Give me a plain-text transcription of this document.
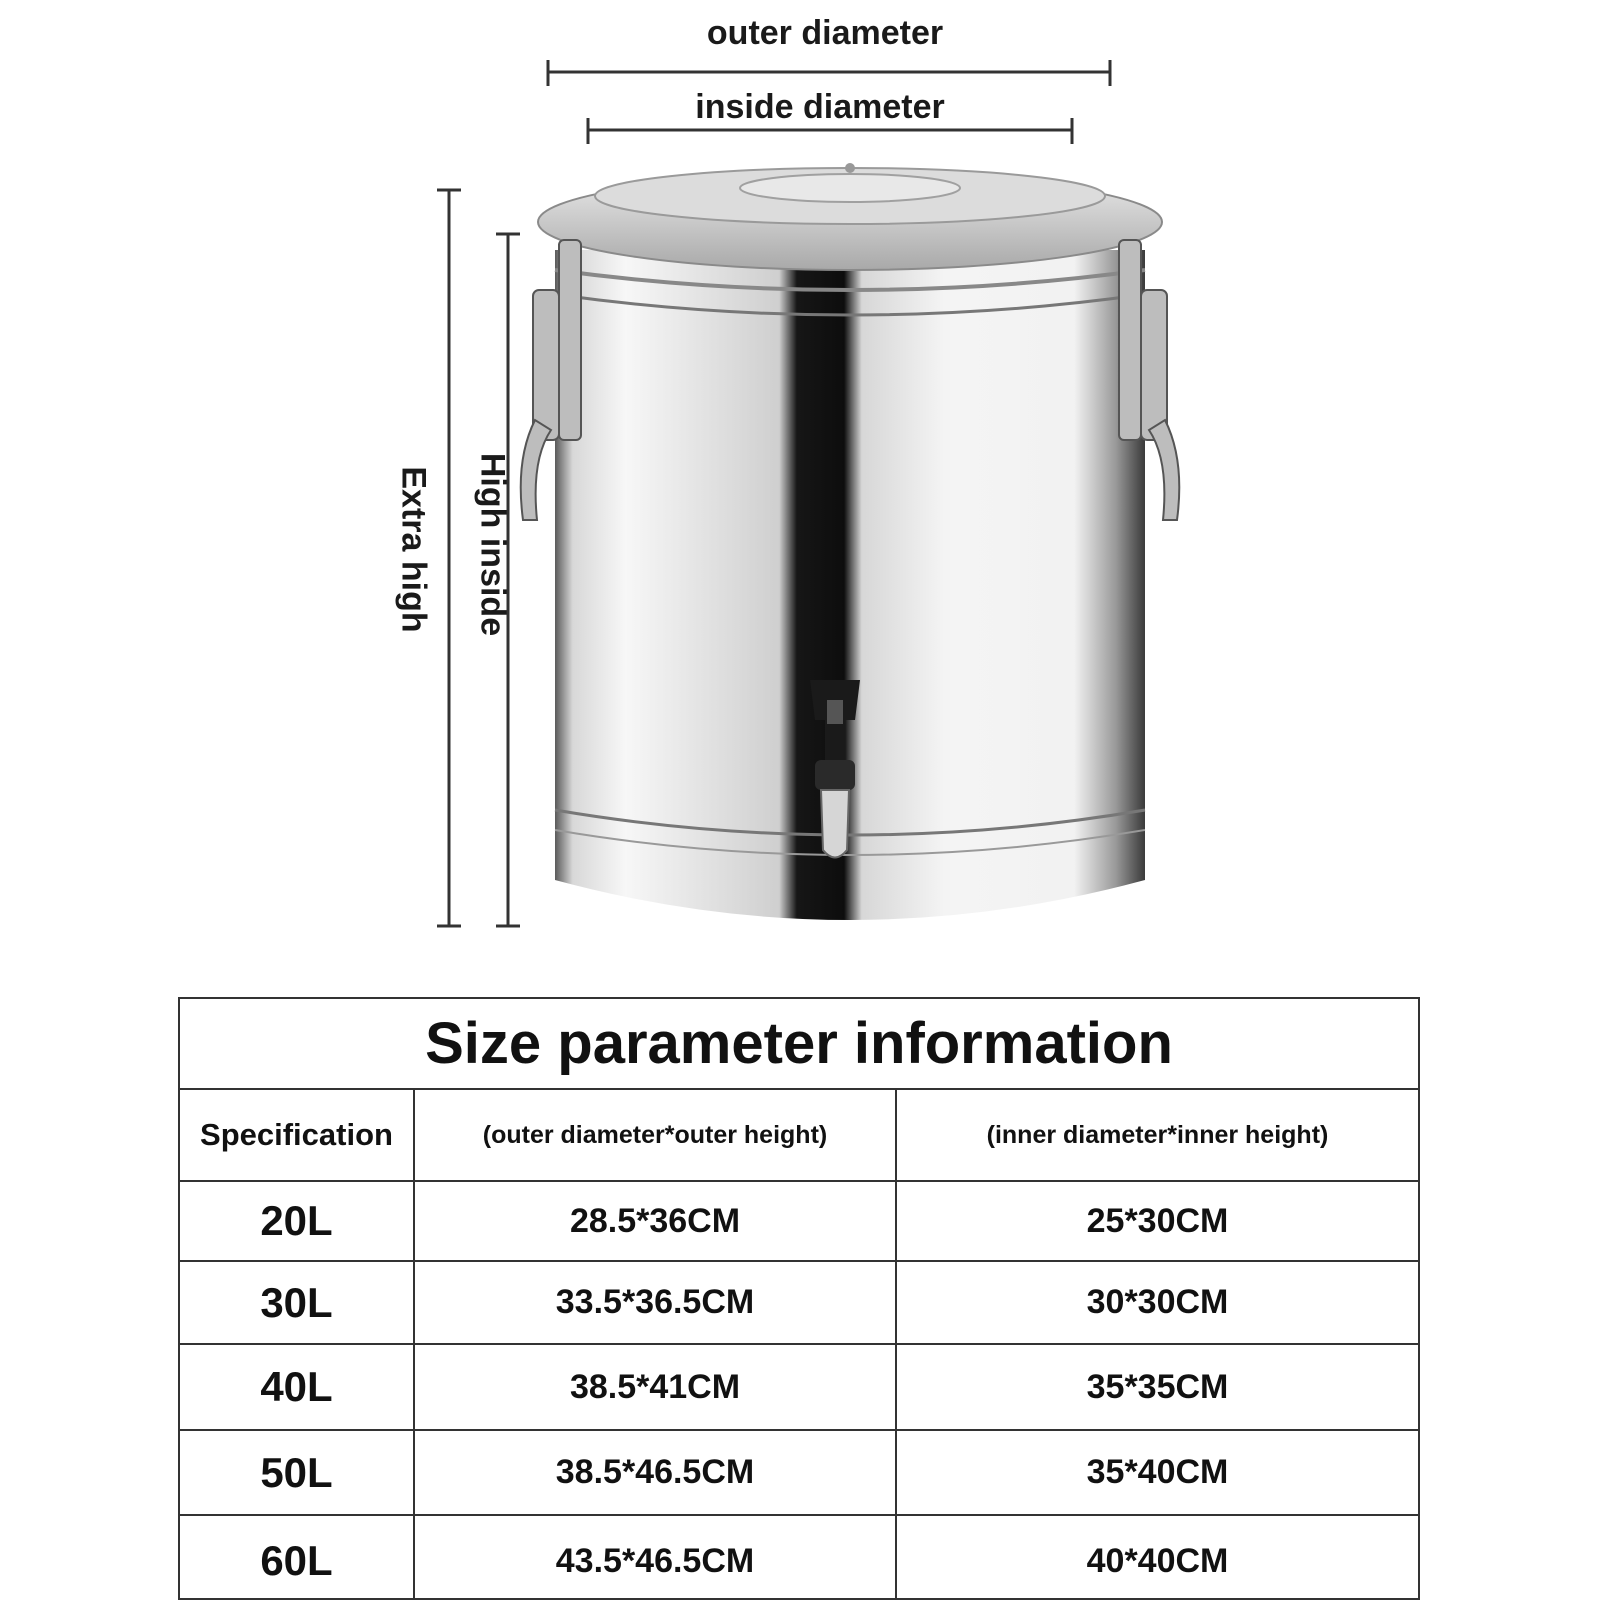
outer diameter
inside diameter
Extra high High inside
Size parameter information
Specification	(outer diameter*outer height)	(inner diameter*inner height)
20L	28.5*36CM	25*30CM
30L	33.5*36.5CM	30*30CM
40L	38.5*41CM	35*35CM
50L	38.5*46.5CM	35*40CM
60L	43.5*46.5CM	40*40CM
